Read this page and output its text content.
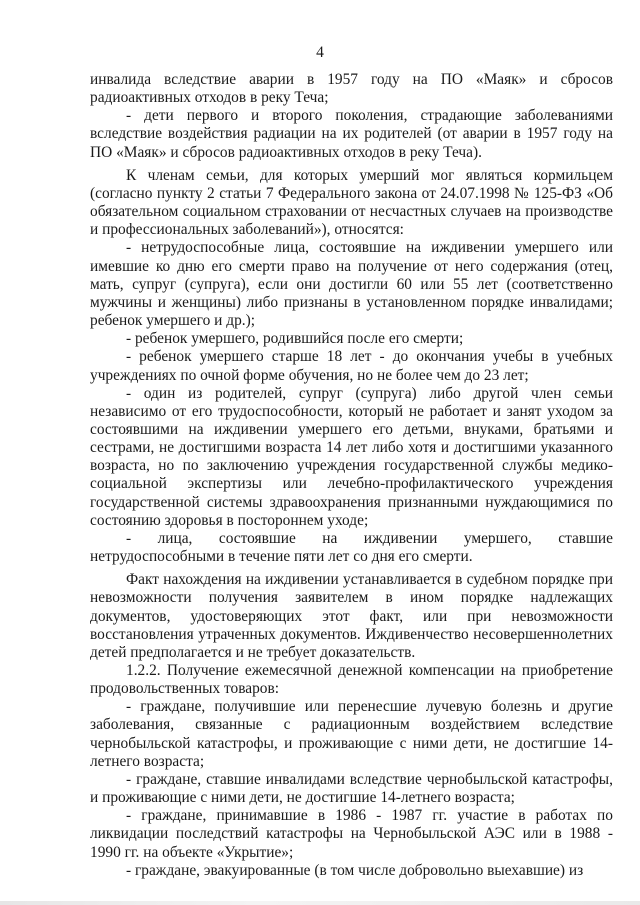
4

инвалида вследствие аварии в 1957 году на ПО «Маяк» и сбросов радиоактивных отходов в реку Теча;

- дети первого и второго поколения, страдающие заболеваниями вследствие воздействия радиации на их родителей (от аварии в 1957 году на ПО «Маяк» и сбросов радиоактивных отходов в реку Теча).

К членам семьи, для которых умерший мог являться кормильцем (согласно пункту 2 статьи 7 Федерального закона от 24.07.1998 № 125-ФЗ «Об обязательном социальном страховании от несчастных случаев на производстве и профессиональных заболеваний»), относятся:

- нетрудоспособные лица, состоявшие на иждивении умершего или имевшие ко дню его смерти право на получение от него содержания (отец, мать, супруг (супруга), если они достигли 60 или 55 лет (соответственно мужчины и женщины) либо признаны в установленном порядке инвалидами; ребенок умершего и др.);

- ребенок умершего, родившийся после его смерти;

- ребенок умершего старше 18 лет - до окончания учебы в учебных учреждениях по очной форме обучения, но не более чем до 23 лет;

- один из родителей, супруг (супруга) либо другой член семьи независимо от его трудоспособности, который не работает и занят уходом за состоявшими на иждивении умершего его детьми, внуками, братьями и сестрами, не достигшими возраста 14 лет либо хотя и достигшими указанного возраста, но по заключению учреждения государственной службы медико-социальной экспертизы или лечебно-профилактического учреждения государственной системы здравоохранения признанными нуждающимися по состоянию здоровья в постороннем уходе;

- лица, состоявшие на иждивении умершего, ставшие нетрудоспособными в течение пяти лет со дня его смерти.

Факт нахождения на иждивении устанавливается в судебном порядке при невозможности получения заявителем в ином порядке надлежащих документов, удостоверяющих этот факт, или при невозможности восстановления утраченных документов. Иждивенчество несовершеннолетних детей предполагается и не требует доказательств.

1.2.2. Получение ежемесячной денежной компенсации на приобретение продовольственных товаров:

- граждане, получившие или перенесшие лучевую болезнь и другие заболевания, связанные с радиационным воздействием вследствие чернобыльской катастрофы, и проживающие с ними дети, не достигшие 14-летнего возраста;

- граждане, ставшие инвалидами вследствие чернобыльской катастрофы, и проживающие с ними дети, не достигшие 14-летнего возраста;

- граждане, принимавшие в 1986 - 1987 гг. участие в работах по ликвидации последствий катастрофы на Чернобыльской АЭС или в 1988 - 1990 гг. на объекте «Укрытие»;

- граждане, эвакуированные (в том числе добровольно выехавшие) из
